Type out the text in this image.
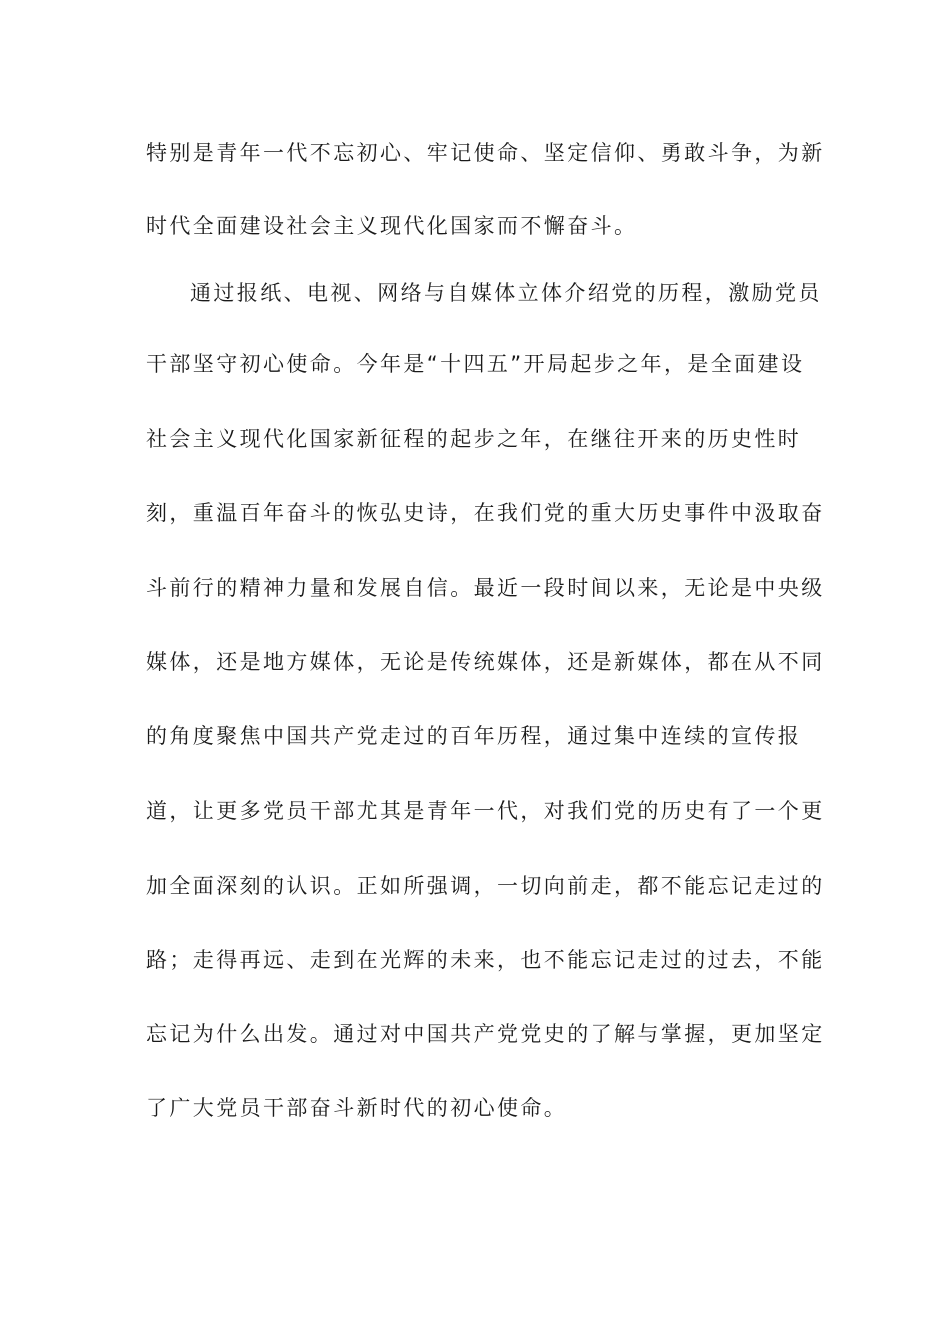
特别是青年一代不忘初心、牢记使命、坚定信仰、勇敢斗争，为新
时代全面建设社会主义现代化国家而不懈奋斗。
通过报纸、电视、网络与自媒体立体介绍党的历程，激励党员
干部坚守初心使命。今年是“十四五”开局起步之年，是全面建设
社会主义现代化国家新征程的起步之年，在继往开来的历史性时
刻，重温百年奋斗的恢弘史诗，在我们党的重大历史事件中汲取奋
斗前行的精神力量和发展自信。最近一段时间以来，无论是中央级
媒体，还是地方媒体，无论是传统媒体，还是新媒体，都在从不同
的角度聚焦中国共产党走过的百年历程，通过集中连续的宣传报
道，让更多党员干部尤其是青年一代，对我们党的历史有了一个更
加全面深刻的认识。正如所强调，一切向前走，都不能忘记走过的
路；走得再远、走到在光辉的未来，也不能忘记走过的过去，不能
忘记为什么出发。通过对中国共产党党史的了解与掌握，更加坚定
了广大党员干部奋斗新时代的初心使命。
